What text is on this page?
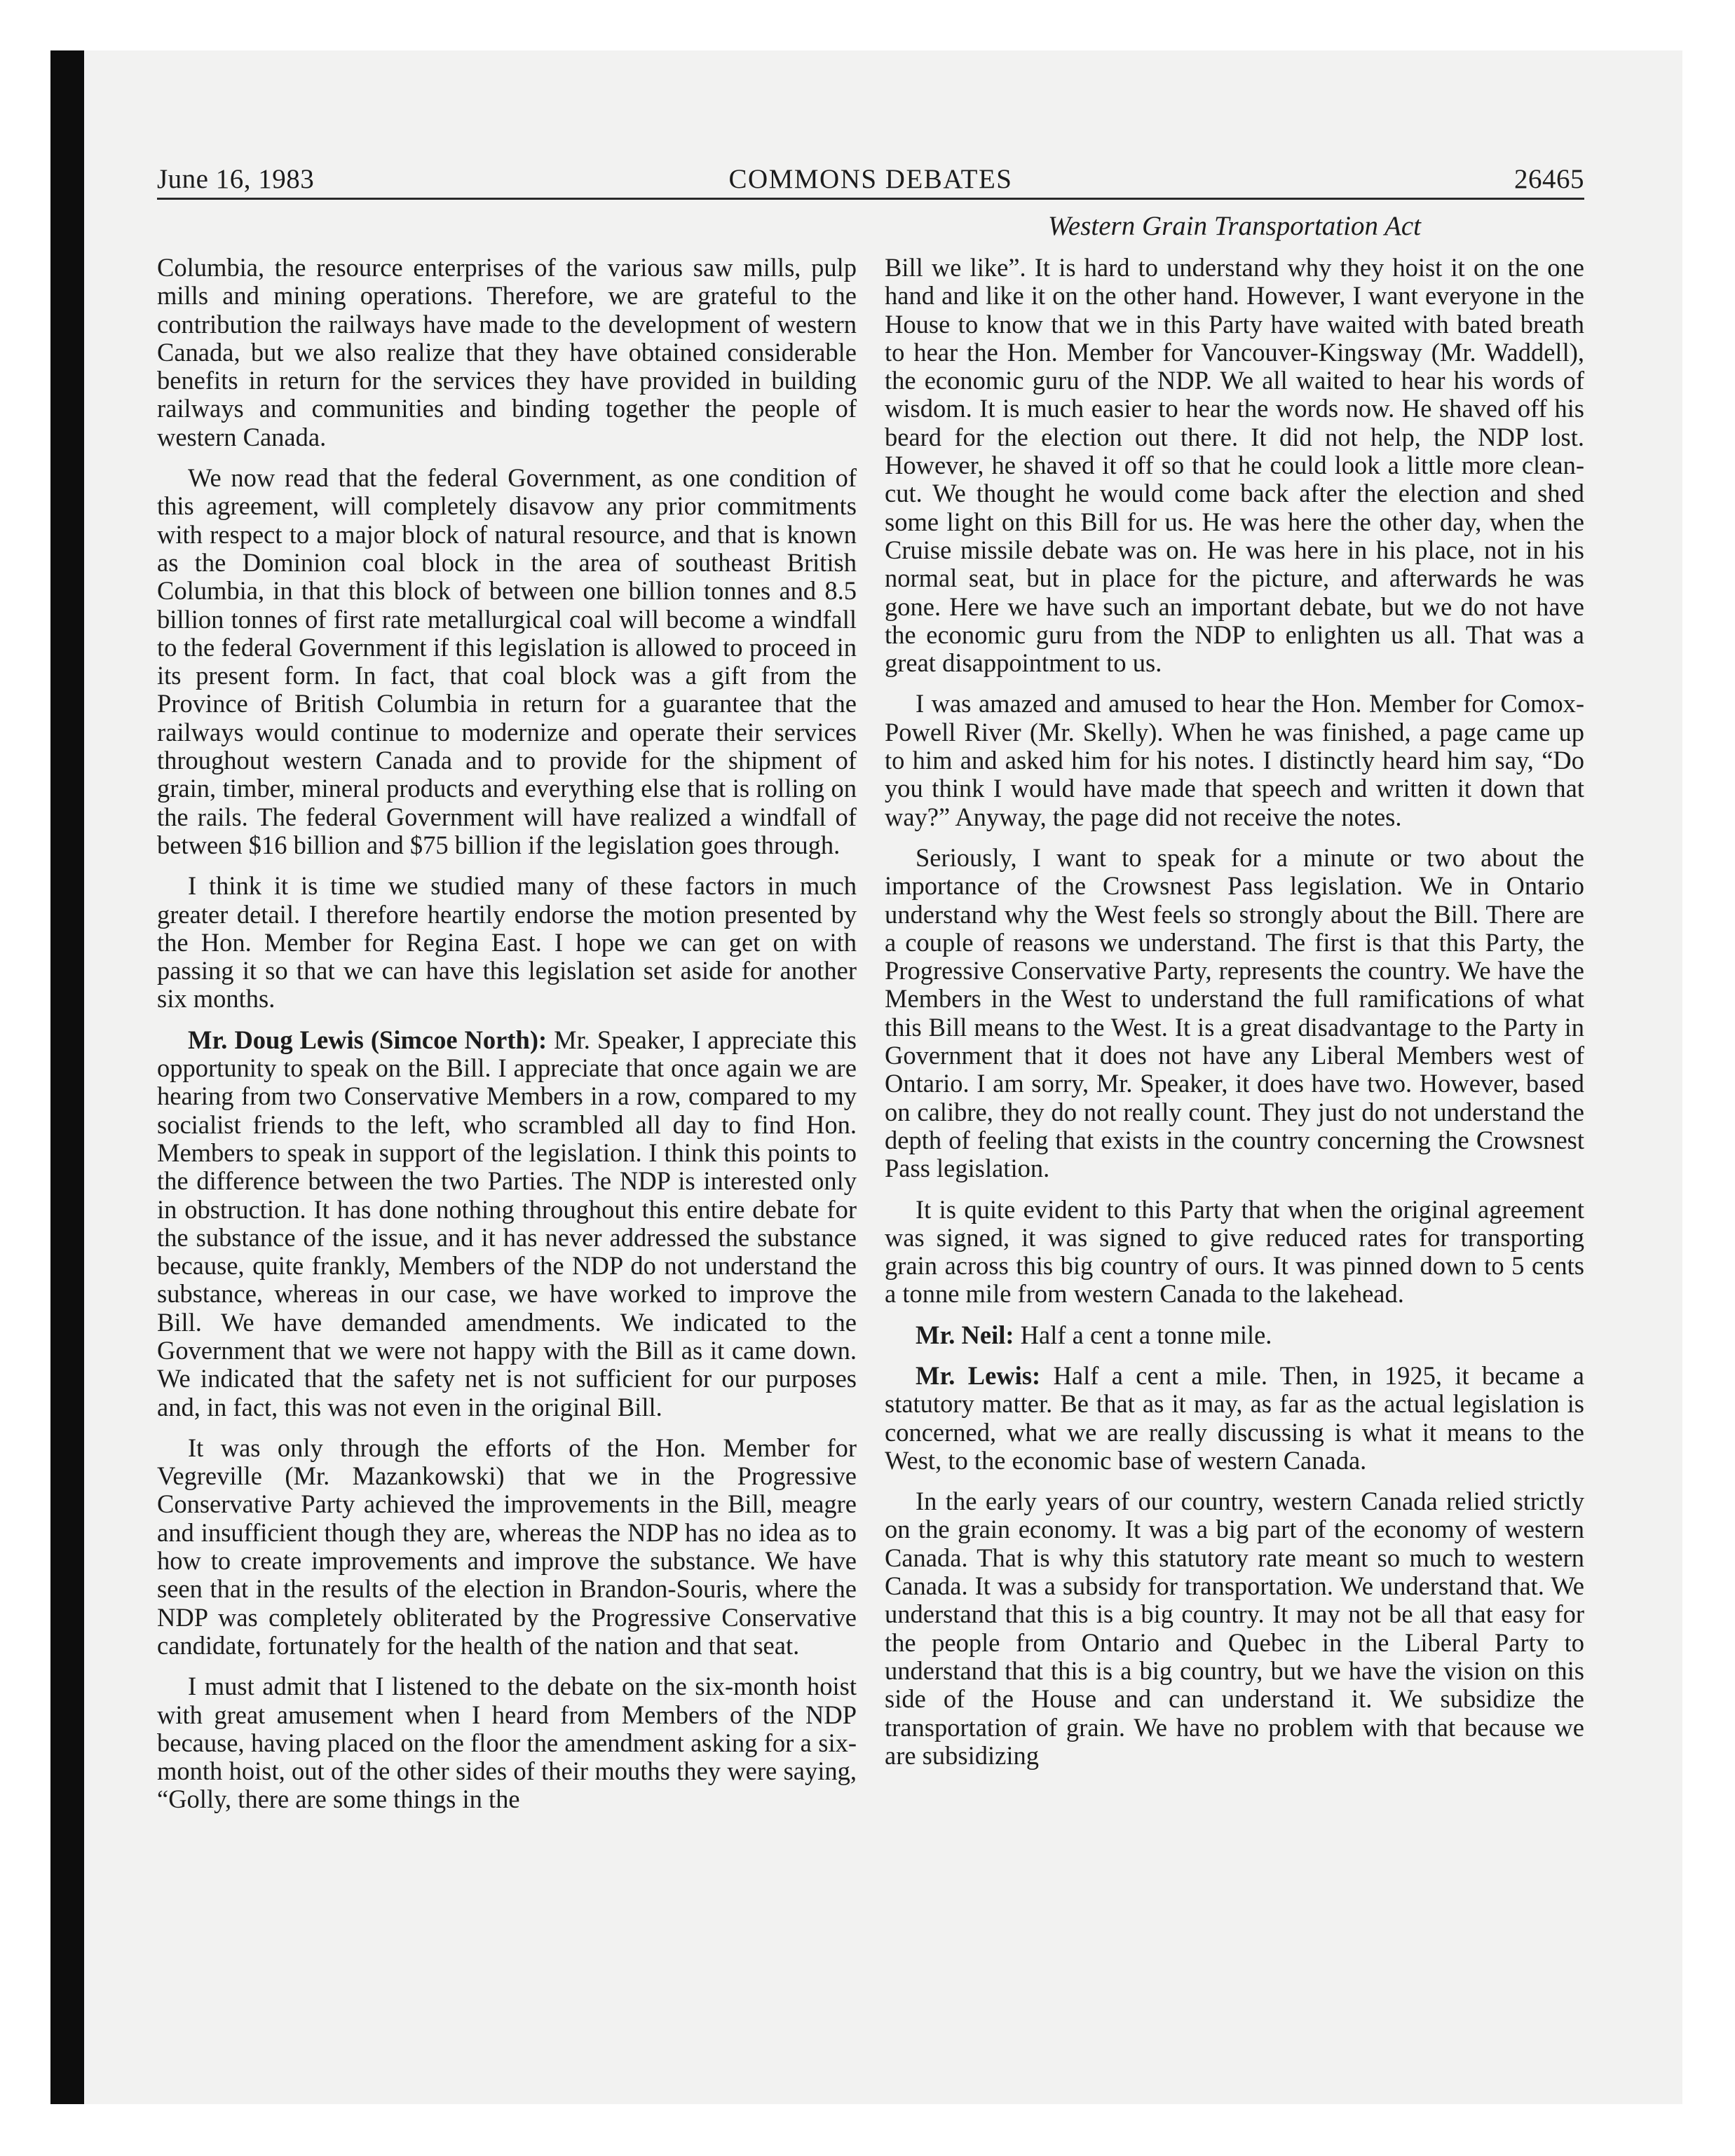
June 16, 1983	COMMONS DEBATES	26465
Western Grain Transportation Act

Columbia, the resource enterprises of the various saw mills, pulp mills and mining operations. Therefore, we are grateful to the contribution the railways have made to the development of western Canada, but we also realize that they have obtained considerable benefits in return for the services they have provided in building railways and communities and binding together the people of western Canada.

We now read that the federal Government, as one condition of this agreement, will completely disavow any prior commitments with respect to a major block of natural resource, and that is known as the Dominion coal block in the area of southeast British Columbia, in that this block of between one billion tonnes and 8.5 billion tonnes of first rate metallurgical coal will become a windfall to the federal Government if this legislation is allowed to proceed in its present form. In fact, that coal block was a gift from the Province of British Columbia in return for a guarantee that the railways would continue to modernize and operate their services throughout western Canada and to provide for the shipment of grain, timber, mineral products and everything else that is rolling on the rails. The federal Government will have realized a windfall of between $16 billion and $75 billion if the legislation goes through.

I think it is time we studied many of these factors in much greater detail. I therefore heartily endorse the motion presented by the Hon. Member for Regina East. I hope we can get on with passing it so that we can have this legislation set aside for another six months.

Mr. Doug Lewis (Simcoe North): Mr. Speaker, I appreciate this opportunity to speak on the Bill. I appreciate that once again we are hearing from two Conservative Members in a row, compared to my socialist friends to the left, who scrambled all day to find Hon. Members to speak in support of the legislation. I think this points to the difference between the two Parties. The NDP is interested only in obstruction. It has done nothing throughout this entire debate for the substance of the issue, and it has never addressed the substance because, quite frankly, Members of the NDP do not understand the substance, whereas in our case, we have worked to improve the Bill. We have demanded amendments. We indicated to the Government that we were not happy with the Bill as it came down. We indicated that the safety net is not sufficient for our purposes and, in fact, this was not even in the original Bill.

It was only through the efforts of the Hon. Member for Vegreville (Mr. Mazankowski) that we in the Progressive Conservative Party achieved the improvements in the Bill, meagre and insufficient though they are, whereas the NDP has no idea as to how to create improvements and improve the substance. We have seen that in the results of the election in Brandon-Souris, where the NDP was completely obliterated by the Progressive Conservative candidate, fortunately for the health of the nation and that seat.

I must admit that I listened to the debate on the six-month hoist with great amusement when I heard from Members of the NDP because, having placed on the floor the amendment asking for a six-month hoist, out of the other sides of their mouths they were saying, “Golly, there are some things in the

Bill we like”. It is hard to understand why they hoist it on the one hand and like it on the other hand. However, I want everyone in the House to know that we in this Party have waited with bated breath to hear the Hon. Member for Vancouver-Kingsway (Mr. Waddell), the economic guru of the NDP. We all waited to hear his words of wisdom. It is much easier to hear the words now. He shaved off his beard for the election out there. It did not help, the NDP lost. However, he shaved it off so that he could look a little more clean-cut. We thought he would come back after the election and shed some light on this Bill for us. He was here the other day, when the Cruise missile debate was on. He was here in his place, not in his normal seat, but in place for the picture, and afterwards he was gone. Here we have such an important debate, but we do not have the economic guru from the NDP to enlighten us all. That was a great disappointment to us.

I was amazed and amused to hear the Hon. Member for Comox-Powell River (Mr. Skelly). When he was finished, a page came up to him and asked him for his notes. I distinctly heard him say, “Do you think I would have made that speech and written it down that way?” Anyway, the page did not receive the notes.

Seriously, I want to speak for a minute or two about the importance of the Crowsnest Pass legislation. We in Ontario understand why the West feels so strongly about the Bill. There are a couple of reasons we understand. The first is that this Party, the Progressive Conservative Party, represents the country. We have the Members in the West to understand the full ramifications of what this Bill means to the West. It is a great disadvantage to the Party in Government that it does not have any Liberal Members west of Ontario. I am sorry, Mr. Speaker, it does have two. However, based on calibre, they do not really count. They just do not understand the depth of feeling that exists in the country concerning the Crowsnest Pass legislation.

It is quite evident to this Party that when the original agreement was signed, it was signed to give reduced rates for transporting grain across this big country of ours. It was pinned down to 5 cents a tonne mile from western Canada to the lakehead.

Mr. Neil: Half a cent a tonne mile.

Mr. Lewis: Half a cent a mile. Then, in 1925, it became a statutory matter. Be that as it may, as far as the actual legislation is concerned, what we are really discussing is what it means to the West, to the economic base of western Canada.

In the early years of our country, western Canada relied strictly on the grain economy. It was a big part of the economy of western Canada. That is why this statutory rate meant so much to western Canada. It was a subsidy for transportation. We understand that. We understand that this is a big country. It may not be all that easy for the people from Ontario and Quebec in the Liberal Party to understand that this is a big country, but we have the vision on this side of the House and can understand it. We subsidize the transportation of grain. We have no problem with that because we are subsidizing
